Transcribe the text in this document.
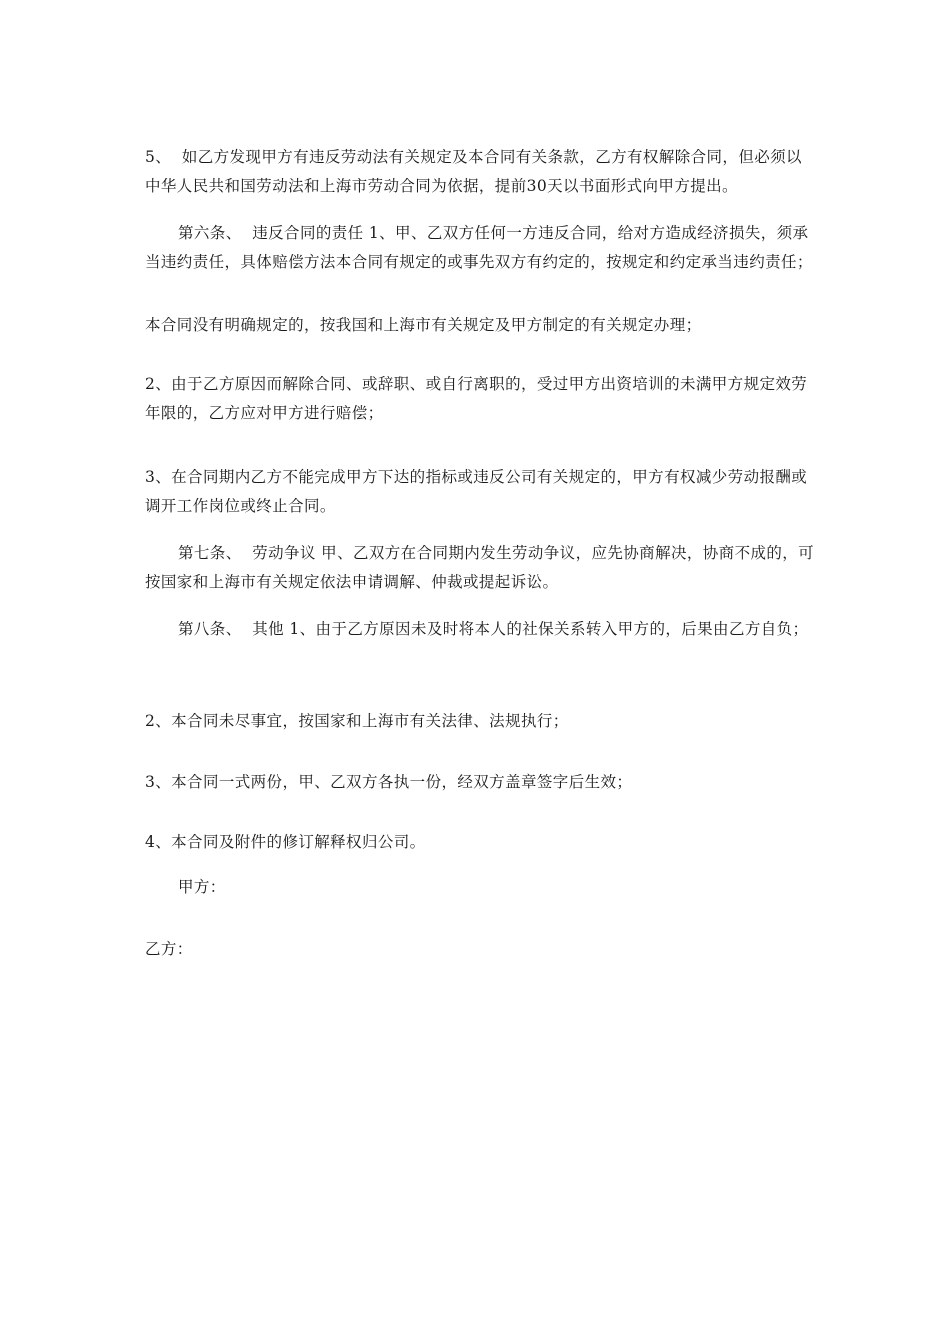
5、  如乙方发现甲方有违反劳动法有关规定及本合同有关条款，乙方有权解除合同，但必须以中华人民共和国劳动法和上海市劳动合同为依据，提前30天以书面形式向甲方提出。

第六条、  违反合同的责任 1、甲、乙双方任何一方违反合同，给对方造成经济损失，须承当违约责任，具体赔偿方法本合同有规定的或事先双方有约定的，按规定和约定承当违约责任；

本合同没有明确规定的，按我国和上海市有关规定及甲方制定的有关规定办理；

2、由于乙方原因而解除合同、或辞职、或自行离职的，受过甲方出资培训的未满甲方规定效劳年限的，乙方应对甲方进行赔偿；

3、在合同期内乙方不能完成甲方下达的指标或违反公司有关规定的，甲方有权减少劳动报酬或调开工作岗位或终止合同。

第七条、  劳动争议 甲、乙双方在合同期内发生劳动争议，应先协商解决，协商不成的，可按国家和上海市有关规定依法申请调解、仲裁或提起诉讼。

第八条、  其他 1、由于乙方原因未及时将本人的社保关系转入甲方的，后果由乙方自负；

2、本合同未尽事宜，按国家和上海市有关法律、法规执行；

3、本合同一式两份，甲、乙双方各执一份，经双方盖章签字后生效；

4、本合同及附件的修订解释权归公司。

甲方：

乙方：
